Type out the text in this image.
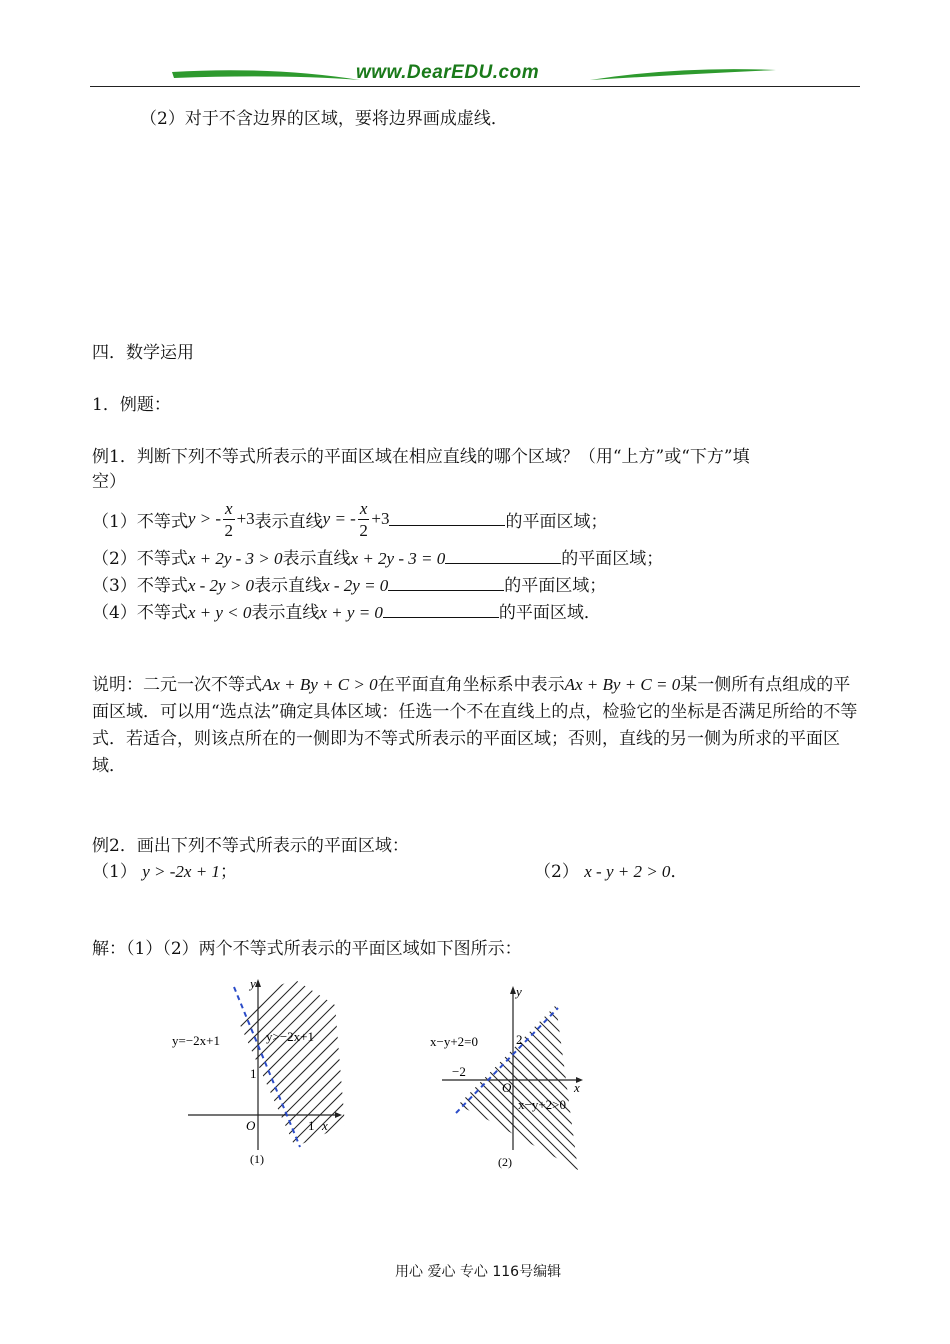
www.DearEDU.com
（2）对于不含边界的区域，要将边界画成虚线．
四．数学运用
1．例题：
例1．判断下列不等式所表示的平面区域在相应直线的哪个区域？（用“上方”或“下方”填
空）
（1）不等式 y > - $\frac{x}{2} +3$ 表示直线 y = - $\frac{x}{2} +3$	的平面区域；
（2）不等式x + 2y - 3 > 0表示直线x + 2y - 3 = 0	的平面区域；
（3）不等式x - 2y > 0表示直线x - 2y = 0	的平面区域；
（4）不等式x + y < 0表示直线x + y = 0	的平面区域．
说明：二元一次不等式Ax + By + C > 0在平面直角坐标系中表示Ax + By + C = 0某一侧所有点组成的平面区域．可以用“选点法”确定具体区域：任选一个不在直线上的点，检验它的坐标是否满足所给的不等式．若适合，则该点所在的一侧即为不等式所表示的平面区域；否则，直线的另一侧为所求的平面区域．
例2．画出下列不等式所表示的平面区域：
（1） y > -2x + 1；	（2） x - y + 2 > 0．
解：（1）（2）两个不等式所表示的平面区域如下图所示：
y
x
O
1
1
y=−2x+1	y>−2x+1
(1)
y
x
O
2
−2
x−y+2=0
x−y+2>0
(2)
用心 爱心 专心 116号编辑
